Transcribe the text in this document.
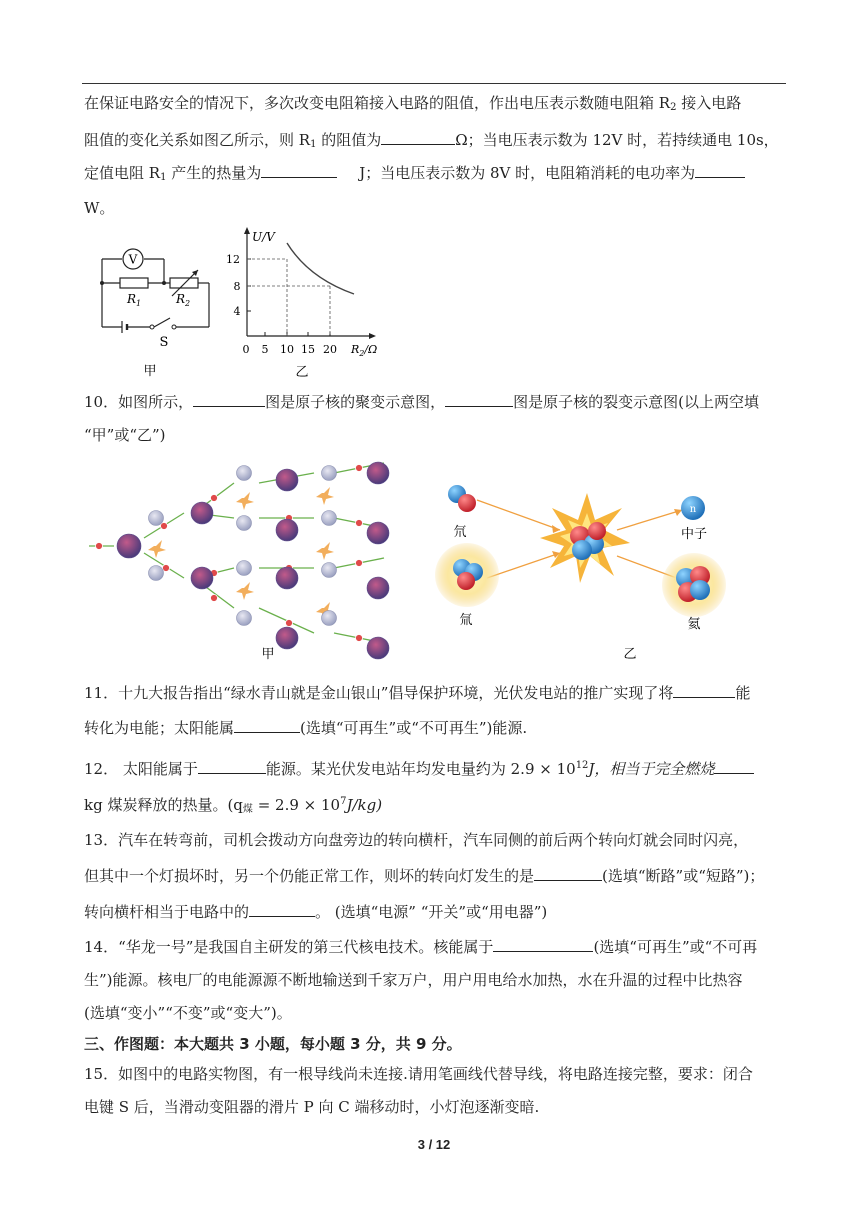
在保证电路安全的情况下，多次改变电阻箱接入电路的阻值，作出电压表示数随电阻箱 $R_2$ 接入电路
阻值的变化关系如图乙所示，则 $R_1$ 的阻值为	Ω；当电压表示数为 12V 时，若持续通电 10s，
定值电阻 $R_1$ 产生的热量为	J；当电压表示数为 8V 时，电阻箱消耗的电功率为
W。
V
$R_1$	$R_2$
S
甲
U/V
12
8
4
0 5 10 15 20 $R_2/\Omega$
乙
10．如图所示，	图是原子核的聚变示意图，	图是原子核的裂变示意图(以上两空填
“甲”或“乙”)
甲
n
氘
氚
中子
氦
乙
11．十九大报告指出“绿水青山就是金山银山”倡导保护环境，光伏发电站的推广实现了将	能
转化为电能；太阳能属	(选填“可再生”或“不可再生”)能源.
12． 太阳能属于	能源。某光伏发电站年均发电量约为 $2.9 \times 10^{12}J$，相当于完全燃烧
kg 煤炭释放的热量。$(q_煤 = 2.9 \times 10^7J/kg)$
13．汽车在转弯前，司机会拨动方向盘旁边的转向横杆，汽车同侧的前后两个转向灯就会同时闪亮，
但其中一个灯损坏时，另一个仍能正常工作，则坏的转向灯发生的是	(选填“断路”或“短路”)；
转向横杆相当于电路中的	。 (选填“电源” “开关”或“用电器”)
14．“华龙一号”是我国自主研发的第三代核电技术。核能属于	(选填“可再生”或“不可再
生”)能源。核电厂的电能源源不断地输送到千家万户，用户用电给水加热，水在升温的过程中比热容
(选填“变小”“不变”或“变大”)。
三、作图题：本大题共 3 小题，每小题 3 分，共 9 分。
15．如图中的电路实物图，有一根导线尚未连接.请用笔画线代替导线，将电路连接完整，要求：闭合
电键 S 后，当滑动变阻器的滑片 P 向 C 端移动时，小灯泡逐渐变暗.
3 / 12
